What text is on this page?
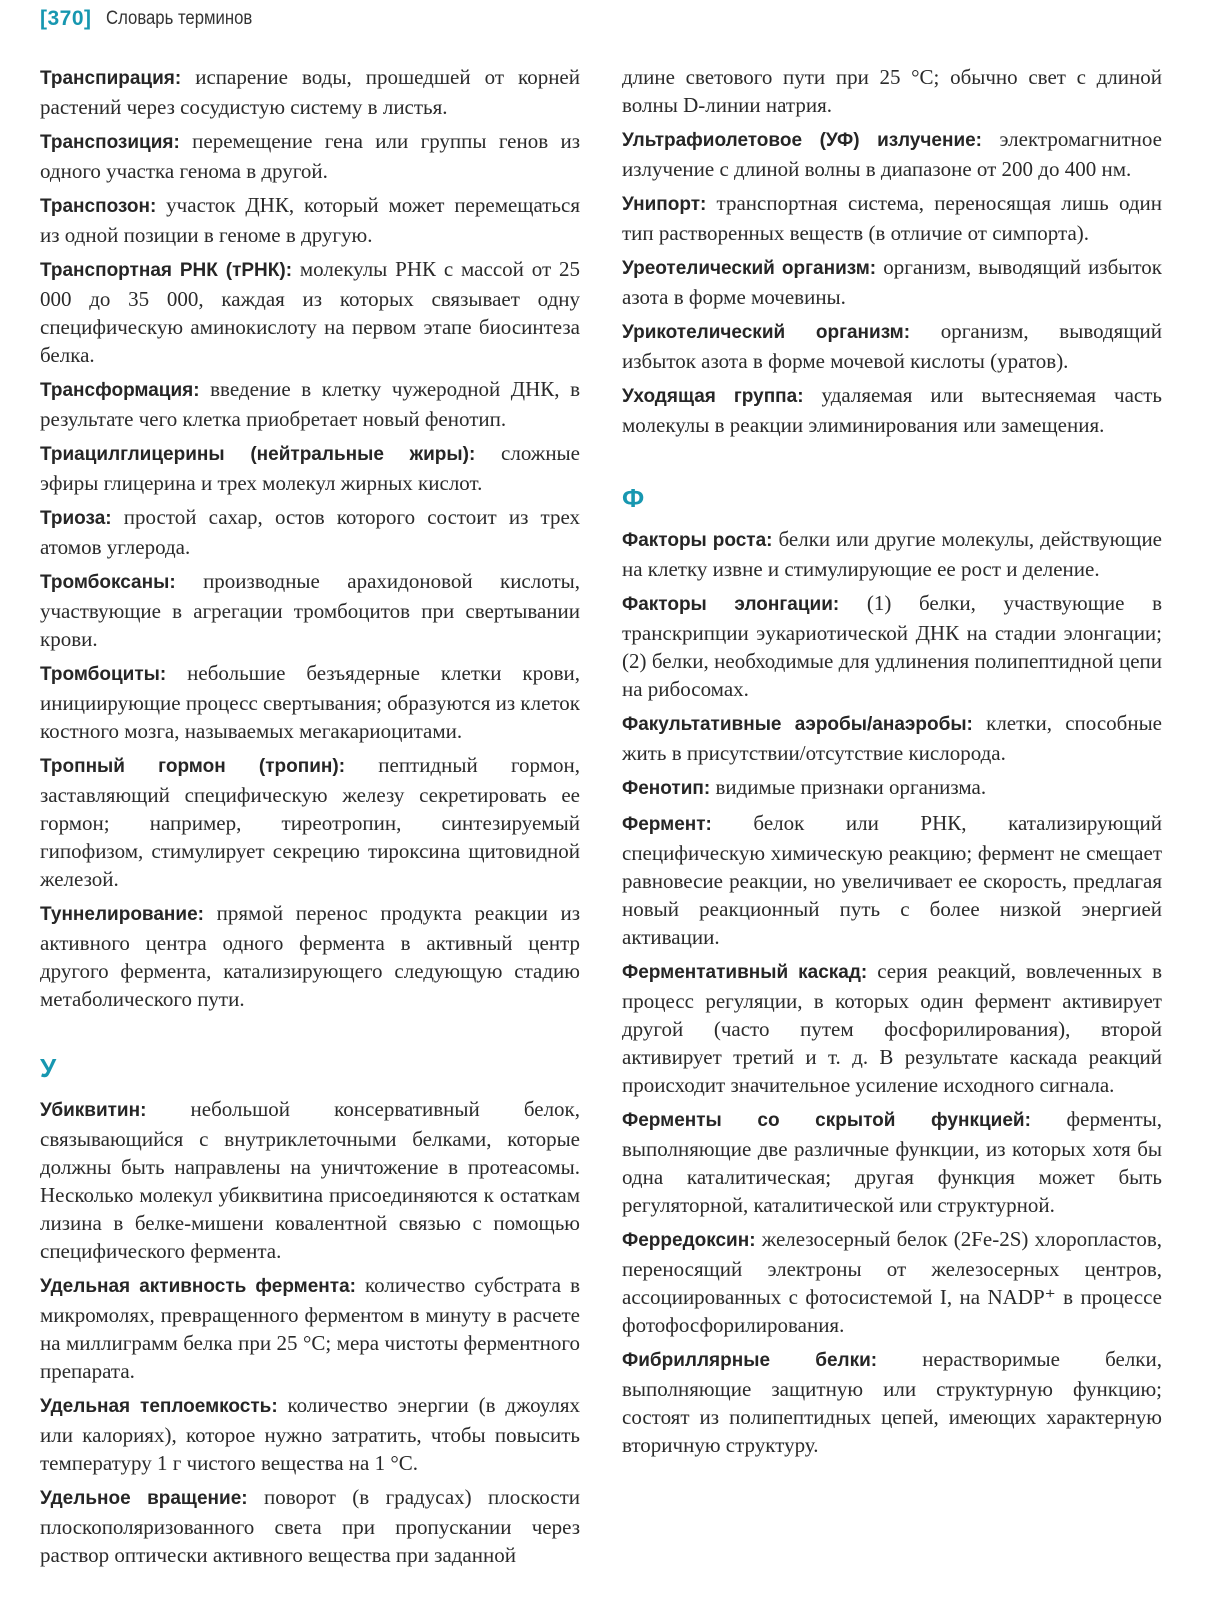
[370] Словарь терминов

Транспирация: испарение воды, прошедшей от корней растений через сосудистую систему в листья.

Транспозиция: перемещение гена или группы генов из одного участка генома в другой.

Транспозон: участок ДНК, который может перемещаться из одной позиции в геноме в другую.

Транспортная РНК (тРНК): молекулы РНК с массой от 25 000 до 35 000, каждая из которых связывает одну специфическую аминокислоту на первом этапе биосинтеза белка.

Трансформация: введение в клетку чужеродной ДНК, в результате чего клетка приобретает новый фенотип.

Триацилглицерины (нейтральные жиры): сложные эфиры глицерина и трех молекул жирных кислот.

Триоза: простой сахар, остов которого состоит из трех атомов углерода.

Тромбоксаны: производные арахидоновой кислоты, участвующие в агрегации тромбоцитов при свертывании крови.

Тромбоциты: небольшие безъядерные клетки крови, инициирующие процесс свертывания; образуются из клеток костного мозга, называемых мегакариоцитами.

Тропный гормон (тропин): пептидный гормон, заставляющий специфическую железу секретировать ее гормон; например, тиреотропин, синтезируемый гипофизом, стимулирует секрецию тироксина щитовидной железой.

Туннелирование: прямой перенос продукта реакции из активного центра одного фермента в активный центр другого фермента, катализирующего следующую стадию метаболического пути.

У

Убиквитин: небольшой консервативный белок, связывающийся с внутриклеточными белками, которые должны быть направлены на уничтожение в протеасомы. Несколько молекул убиквитина присоединяются к остаткам лизина в белке-мишени ковалентной связью с помощью специфического фермента.

Удельная активность фермента: количество субстрата в микромолях, превращенного ферментом в минуту в расчете на миллиграмм белка при 25 °C; мера чистоты ферментного препарата.

Удельная теплоемкость: количество энергии (в джоулях или калориях), которое нужно затратить, чтобы повысить температуру 1 г чистого вещества на 1 °C.

Удельное вращение: поворот (в градусах) плоскости плоскополяризованного света при пропускании через раствор оптически активного вещества при заданной

длине светового пути при 25 °C; обычно свет с длиной волны D-линии натрия.

Ультрафиолетовое (УФ) излучение: электромагнитное излучение с длиной волны в диапазоне от 200 до 400 нм.

Унипорт: транспортная система, переносящая лишь один тип растворенных веществ (в отличие от симпорта).

Уреотелический организм: организм, выводящий избыток азота в форме мочевины.

Урикотелический организм: организм, выводящий избыток азота в форме мочевой кислоты (уратов).

Уходящая группа: удаляемая или вытесняемая часть молекулы в реакции элиминирования или замещения.

Ф

Факторы роста: белки или другие молекулы, действующие на клетку извне и стимулирующие ее рост и деление.

Факторы элонгации: (1) белки, участвующие в транскрипции эукариотической ДНК на стадии элонгации; (2) белки, необходимые для удлинения полипептидной цепи на рибосомах.

Факультативные аэробы/анаэробы: клетки, способные жить в присутствии/отсутствие кислорода.

Фенотип: видимые признаки организма.

Фермент: белок или РНК, катализирующий специфическую химическую реакцию; фермент не смещает равновесие реакции, но увеличивает ее скорость, предлагая новый реакционный путь с более низкой энергией активации.

Ферментативный каскад: серия реакций, вовлеченных в процесс регуляции, в которых один фермент активирует другой (часто путем фосфорилирования), второй активирует третий и т. д. В результате каскада реакций происходит значительное усиление исходного сигнала.

Ферменты со скрытой функцией: ферменты, выполняющие две различные функции, из которых хотя бы одна каталитическая; другая функция может быть регуляторной, каталитической или структурной.

Ферредоксин: железосерный белок (2Fe-2S) хлоропластов, переносящий электроны от железосерных центров, ассоциированных с фотосистемой I, на NADP⁺ в процессе фотофосфорилирования.

Фибриллярные белки: нерастворимые белки, выполняющие защитную или структурную функцию; состоят из полипептидных цепей, имеющих характерную вторичную структуру.
